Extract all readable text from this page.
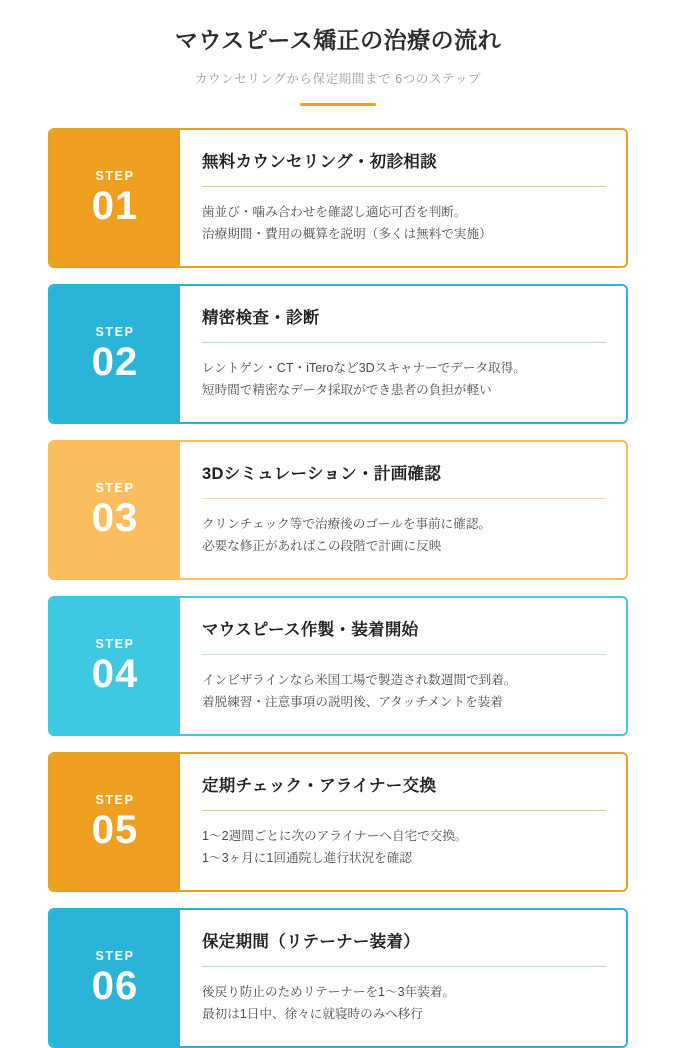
マウスピース矯正の治療の流れ
カウンセリングから保定期間まで 6つのステップ
STEP
01
無料カウンセリング・初診相談
歯並び・噛み合わせを確認し適応可否を判断。
治療期間・費用の概算を説明（多くは無料で実施）
STEP
02
精密検査・診断
レントゲン・CT・iTeroなど3Dスキャナーでデータ取得。
短時間で精密なデータ採取ができ患者の負担が軽い
STEP
03
3Dシミュレーション・計画確認
クリンチェック等で治療後のゴールを事前に確認。
必要な修正があればこの段階で計画に反映
STEP
04
マウスピース作製・装着開始
インビザラインなら米国工場で製造され数週間で到着。
着脱練習・注意事項の説明後、アタッチメントを装着
STEP
05
定期チェック・アライナー交換
1〜2週間ごとに次のアライナーへ自宅で交換。
1〜3ヶ月に1回通院し進行状況を確認
STEP
06
保定期間（リテーナー装着）
後戻り防止のためリテーナーを1〜3年装着。
最初は1日中、徐々に就寝時のみへ移行
